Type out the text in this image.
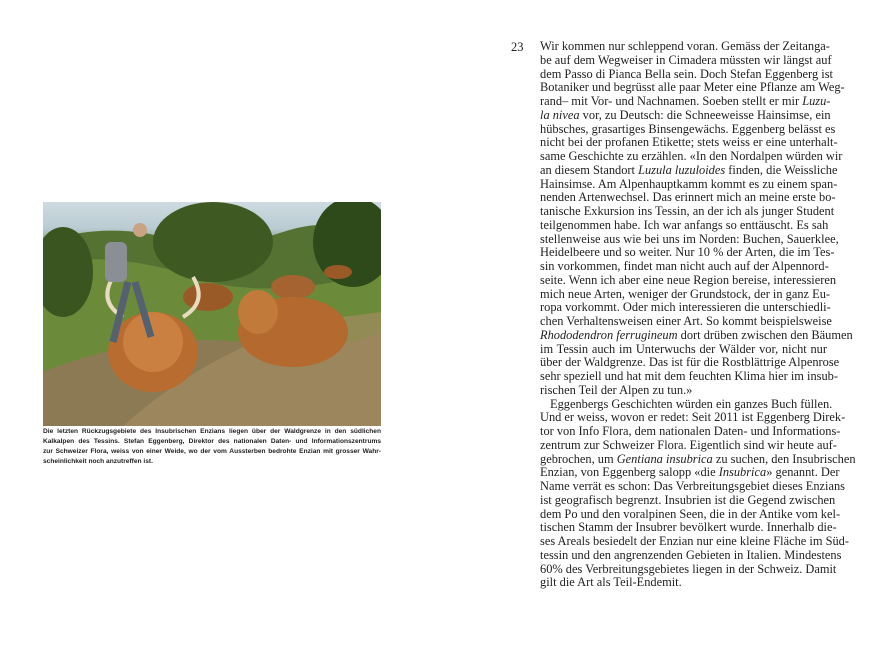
Die letzten Rückzugsgebiete des Insubrischen Enzians liegen über der Waldgrenze in den südlichen
Kalkalpen des Tessins. Stefan Eggenberg, Direktor des nationalen Daten- und Informationszentrums
zur Schweizer Flora, weiss von einer Weide, wo der vom Aussterben bedrohte Enzian mit grosser Wahr-
scheinlichkeit noch anzutreffen ist.
23 Wir kommen nur schleppend voran. Gemäss der Zeitanga-
be auf dem Wegweiser in Cimadera müssten wir längst auf
dem Passo di Pianca Bella sein. Doch Stefan Eggenberg ist
Botaniker und begrüsst alle paar Meter eine Pflanze am Weg-
rand– mit Vor- und Nachnamen. Soeben stellt er mir Luzu-
la nivea vor, zu Deutsch: die Schneeweisse Hainsimse, ein
hübsches, grasartiges Binsengewächs. Eggenberg belässt es
nicht bei der profanen Etikette; stets weiss er eine unterhalt-
same Geschichte zu erzählen. «In den Nordalpen würden wir
an diesem Standort Luzula luzuloides finden, die Weissliche
Hainsimse. Am Alpenhauptkamm kommt es zu einem span-
nenden Artenwechsel. Das erinnert mich an meine erste bo-
tanische Exkursion ins Tessin, an der ich als junger Student
teilgenommen habe. Ich war anfangs so enttäuscht. Es sah
stellenweise aus wie bei uns im Norden: Buchen, Sauerklee,
Heidelbeere und so weiter. Nur 10 % der Arten, die im Tes-
sin vorkommen, findet man nicht auch auf der Alpennord-
seite. Wenn ich aber eine neue Region bereise, interessieren
mich neue Arten, weniger der Grundstock, der in ganz Eu-
ropa vorkommt. Oder mich interessieren die unterschiedli-
chen Verhaltensweisen einer Art. So kommt beispielsweise
Rhododendron ferrugineum dort drüben zwischen den Bäumen
im Tessin auch im Unterwuchs der Wälder vor, nicht nur
über der Waldgrenze. Das ist für die Rostblättrige Alpenrose
sehr speziell und hat mit dem feuchten Klima hier im insub-
rischen Teil der Alpen zu tun.»
Eggenbergs Geschichten würden ein ganzes Buch füllen.
Und er weiss, wovon er redet: Seit 2011 ist Eggenberg Direk-
tor von Info Flora, dem nationalen Daten- und Informations-
zentrum zur Schweizer Flora. Eigentlich sind wir heute auf-
gebrochen, um Gentiana insubrica zu suchen, den Insubrischen
Enzian, von Eggenberg salopp «die Insubrica» genannt. Der
Name verrät es schon: Das Verbreitungsgebiet dieses Enzians
ist geografisch begrenzt. Insubrien ist die Gegend zwischen
dem Po und den voralpinen Seen, die in der Antike vom kel-
tischen Stamm der Insubrer bevölkert wurde. Innerhalb die-
ses Areals besiedelt der Enzian nur eine kleine Fläche im Süd-
tessin und den angrenzenden Gebieten in Italien. Mindestens
60% des Verbreitungsgebietes liegen in der Schweiz. Damit
gilt die Art als Teil-Endemit.
